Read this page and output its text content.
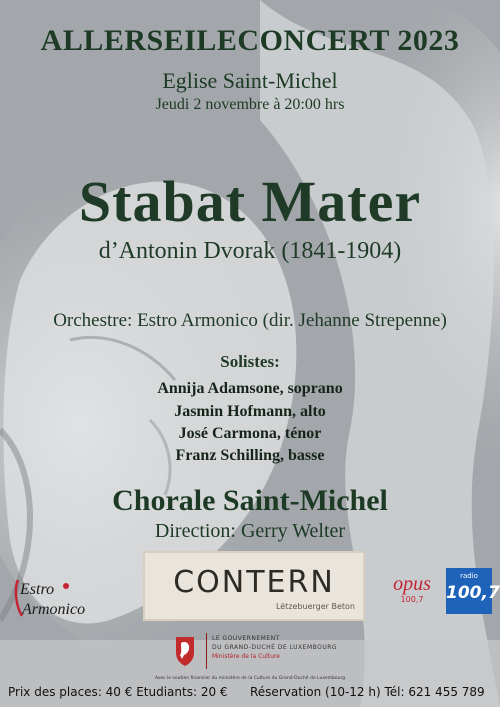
ALLERSEILECONCERT 2023
Eglise Saint-Michel
Jeudi 2 novembre à 20:00 hrs
Stabat Mater
d’Antonin Dvorak (1841-1904)
Orchestre: Estro Armonico (dir. Jehanne Strepenne)
Solistes:
Annija Adamsone, soprano
Jasmin Hofmann, alto
José Carmona, ténor
Franz Schilling, basse
Chorale Saint-Michel
Direction: Gerry Welter
Estro
Armonico
CONTERN
Lëtzebuerger Beton
opus
100,7
radio
100,7
LE GOUVERNEMENT
DU GRAND-DUCHÉ DE LUXEMBOURG
Ministère de la Culture
Avec le soutien financier du ministère de la Culture du Grand-Duché de Luxembourg
Prix des places: 40 € Etudiants: 20 € Réservation (10-12 h) Tél: 621 455 789
